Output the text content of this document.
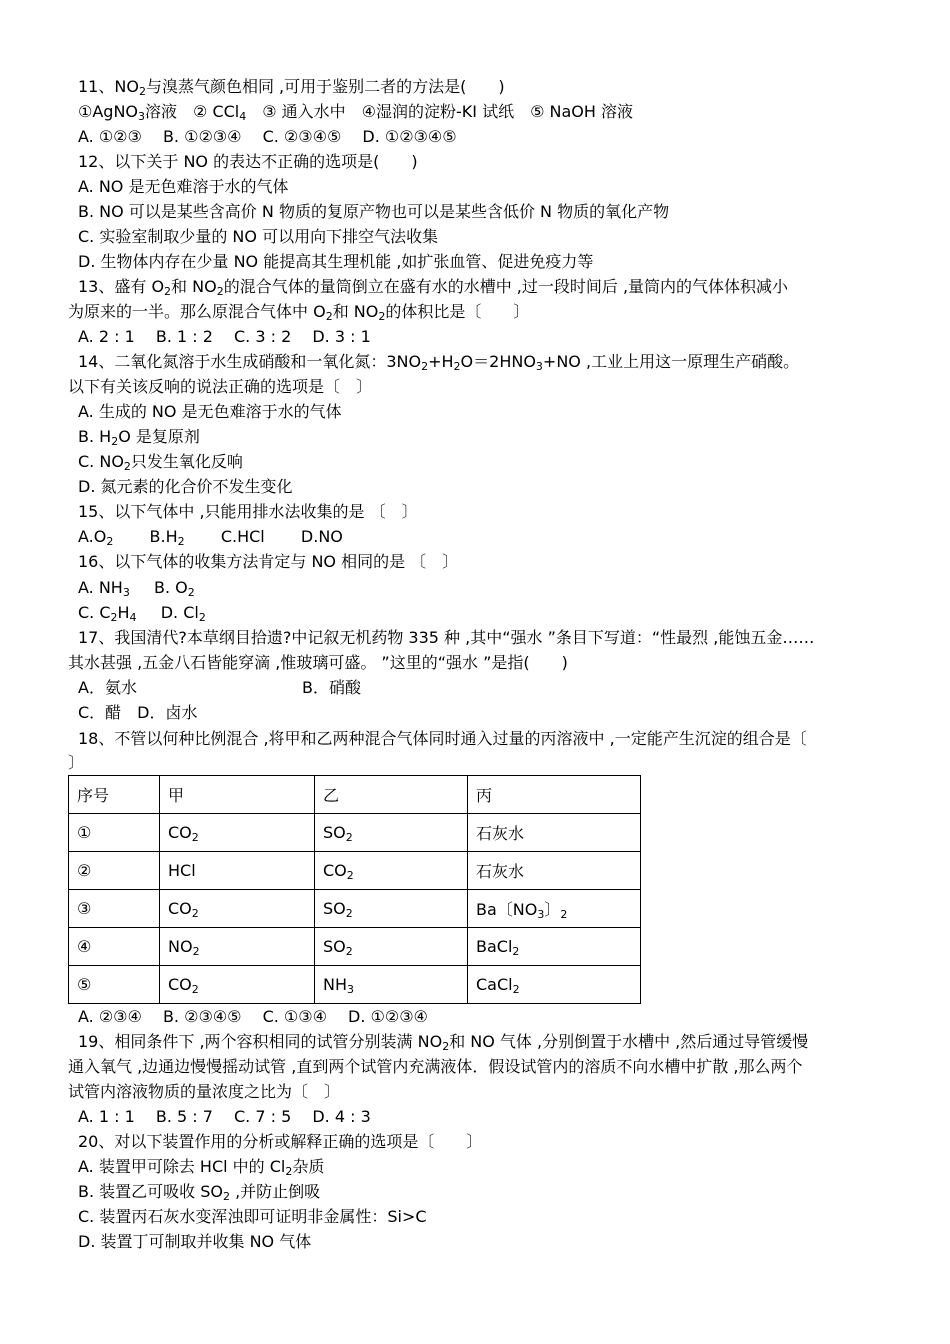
11、$NO_2$与溴蒸气颜色相同 ,可用于鉴别二者的方法是(　　)
①AgNO$_3$溶液　② CCl$_4$　③ 通入水中　④湿润的淀粉-KI 试纸　⑤ NaOH 溶液
A. ①②③　 B. ①②③④　 C. ②③④⑤　 D. ①②③④⑤
12、以下关于 NO 的表达不正确的选项是(　　)
A. NO 是无色难溶于水的气体
B. NO 可以是某些含高价 N 物质的复原产物也可以是某些含低价 N 物质的氧化产物
C. 实验室制取少量的 NO 可以用向下排空气法收集
D. 生物体内存在少量 NO 能提高其生理机能 ,如扩张血管、促进免疫力等
13、盛有 $O_2$和 $NO_2$的混合气体的量筒倒立在盛有水的水槽中 ,过一段时间后 ,量筒内的气体体积减小
为原来的一半。那么原混合气体中 $O_2$和 $NO_2$的体积比是〔　　〕
A. 2 : 1　 B. 1 : 2　 C. 3 : 2　 D. 3 : 1
14、二氧化氮溶于水生成硝酸和一氧化氮：$3NO_2+H_2O=2HNO_3+NO$ ,工业上用这一原理生产硝酸。
以下有关该反响的说法正确的选项是〔　〕
A. 生成的 NO 是无色难溶于水的气体
B. $H_2O$ 是复原剂
C. $NO_2$只发生氧化反响
D. 氮元素的化合价不发生变化
15、以下气体中 ,只能用排水法收集的是 〔　〕
$A.O_2$ $B.H_2$ C.HCl D.NO
16、以下气体的收集方法肯定与 NO 相同的是 〔　〕
A. $NH_3$ B. $O_2$
C. $C_2H_4$ D. $Cl_2$
17、我国清代?本草纲目拾遗?中记叙无机药物 335 种 ,其中“强水 ”条目下写道：“性最烈 ,能蚀五金……
其水甚强 ,五金八石皆能穿滴 ,惟玻璃可盛。 ”这里的“强水 ”是指(　　)
A．氨水	B．硝酸
C．醋　D．卤水
18、不管以何种比例混合 ,将甲和乙两种混合气体同时通入过量的丙溶液中 ,一定能产生沉淀的组合是〔
〕
序号	甲	乙	丙
①	$CO_2$	$SO_2$	石灰水
②	HCl	$CO_2$	石灰水
③	$CO_2$	$SO_2$	Ba〔$NO_3$〕$_2$
④	$NO_2$	$SO_2$	BaCl$_2$
⑤	$CO_2$	$NH_3$	CaCl$_2$
A. ②③④　 B. ②③④⑤　 C. ①③④　 D. ①②③④
19、相同条件下 ,两个容积相同的试管分别装满 $NO_2$和 NO 气体 ,分别倒置于水槽中 ,然后通过导管缓慢
通入氧气 ,边通边慢慢摇动试管 ,直到两个试管内充满液体．假设试管内的溶质不向水槽中扩散 ,那么两个
试管内溶液物质的量浓度之比为〔　〕
A. 1 : 1　 B. 5 : 7　 C. 7 : 5　 D. 4 : 3
20、对以下装置作用的分析或解释正确的选项是〔　　〕
A. 装置甲可除去 HCl 中的 $Cl_2$杂质
B. 装置乙可吸收 $SO_2$ ,并防止倒吸
C. 装置丙石灰水变浑浊即可证明非金属性：Si>C
D. 装置丁可制取并收集 NO 气体
